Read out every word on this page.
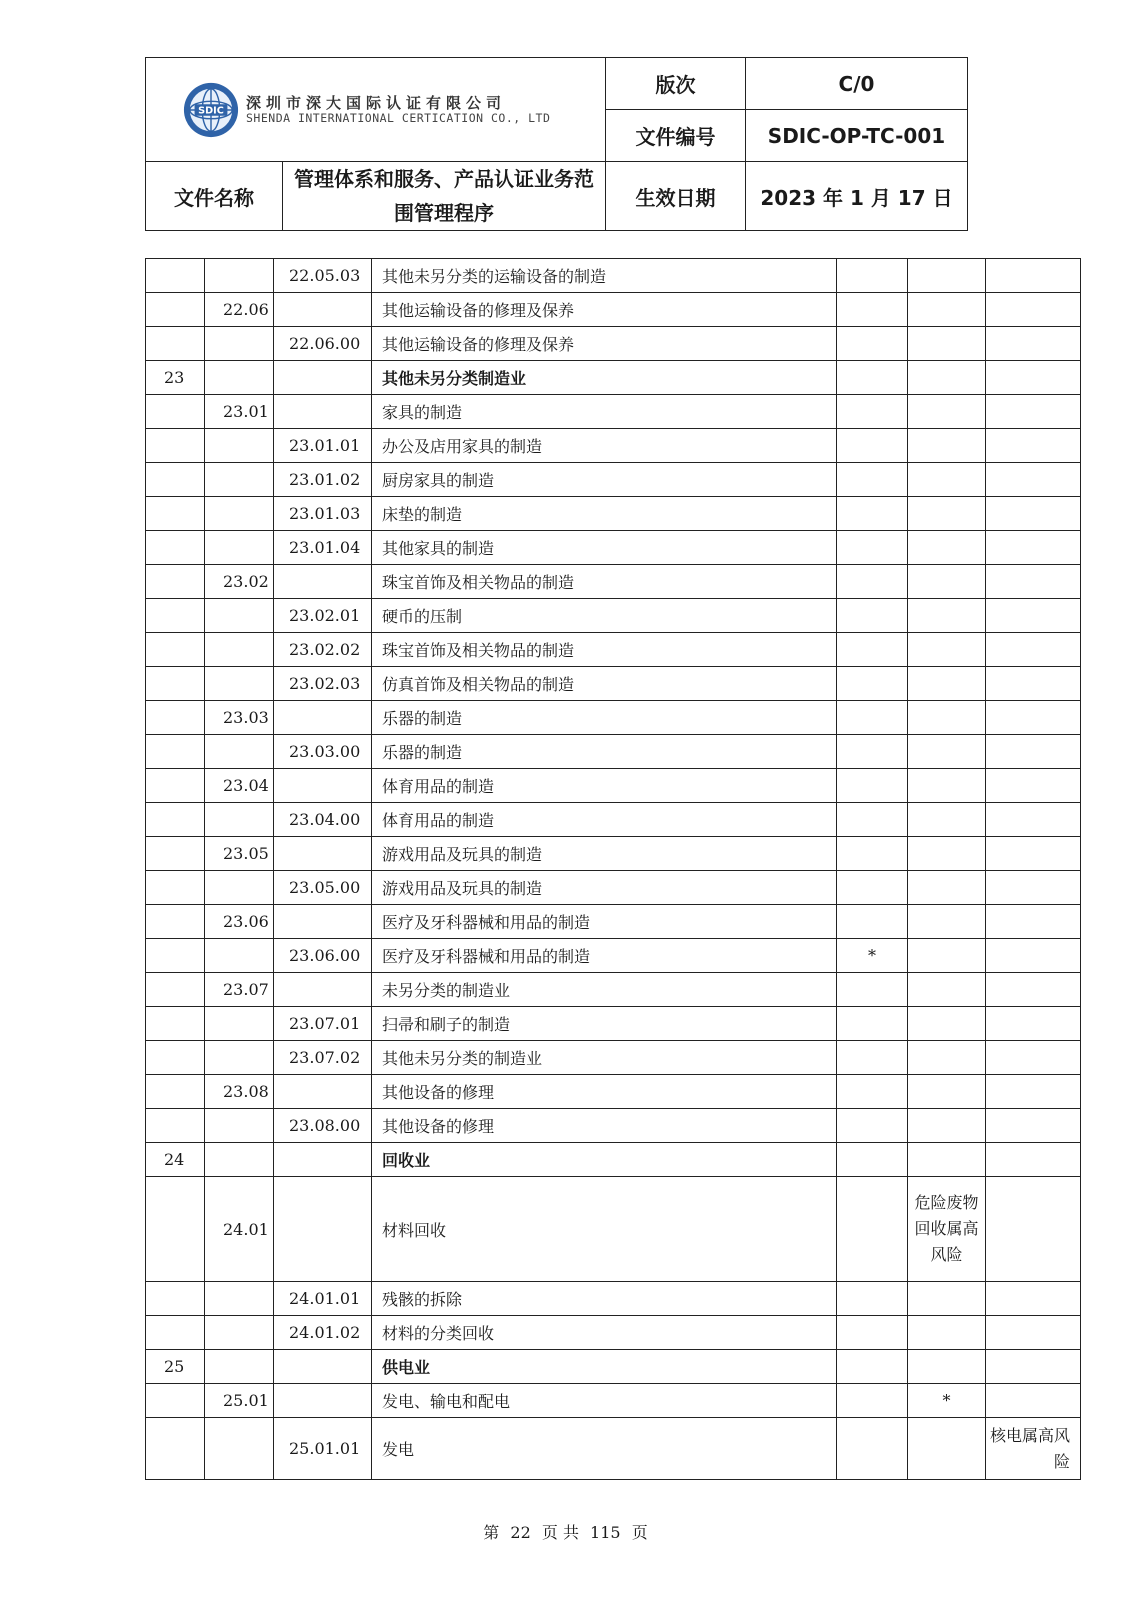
SDIC 深圳市深大国际认证有限公司
SHENDA INTERNATIONAL CERTICATION CO., LTD		版次	C/0
		文件编号	SDIC-OP-TC-001
文件名称	管理体系和服务、产品认证业务范围管理程序	生效日期	2023 年 1 月 17 日
		22.05.03	其他未另分类的运输设备的制造			
	22.06		其他运输设备的修理及保养			
		22.06.00	其他运输设备的修理及保养			
23			其他未另分类制造业			
	23.01		家具的制造			
		23.01.01	办公及店用家具的制造			
		23.01.02	厨房家具的制造			
		23.01.03	床垫的制造			
		23.01.04	其他家具的制造			
	23.02		珠宝首饰及相关物品的制造			
		23.02.01	硬币的压制			
		23.02.02	珠宝首饰及相关物品的制造			
		23.02.03	仿真首饰及相关物品的制造			
	23.03		乐器的制造			
		23.03.00	乐器的制造			
	23.04		体育用品的制造			
		23.04.00	体育用品的制造			
	23.05		游戏用品及玩具的制造			
		23.05.00	游戏用品及玩具的制造			
	23.06		医疗及牙科器械和用品的制造			
		23.06.00	医疗及牙科器械和用品的制造	*		
	23.07		未另分类的制造业			
		23.07.01	扫帚和刷子的制造			
		23.07.02	其他未另分类的制造业			
	23.08		其他设备的修理			
		23.08.00	其他设备的修理			
24			回收业			
	24.01		材料回收		危险废物回收属高风险	
		24.01.01	残骸的拆除			
		24.01.02	材料的分类回收			
25			供电业			
	25.01		发电、输电和配电		*	
		25.01.01	发电			核电属高风险
第 22 页 共 115 页
